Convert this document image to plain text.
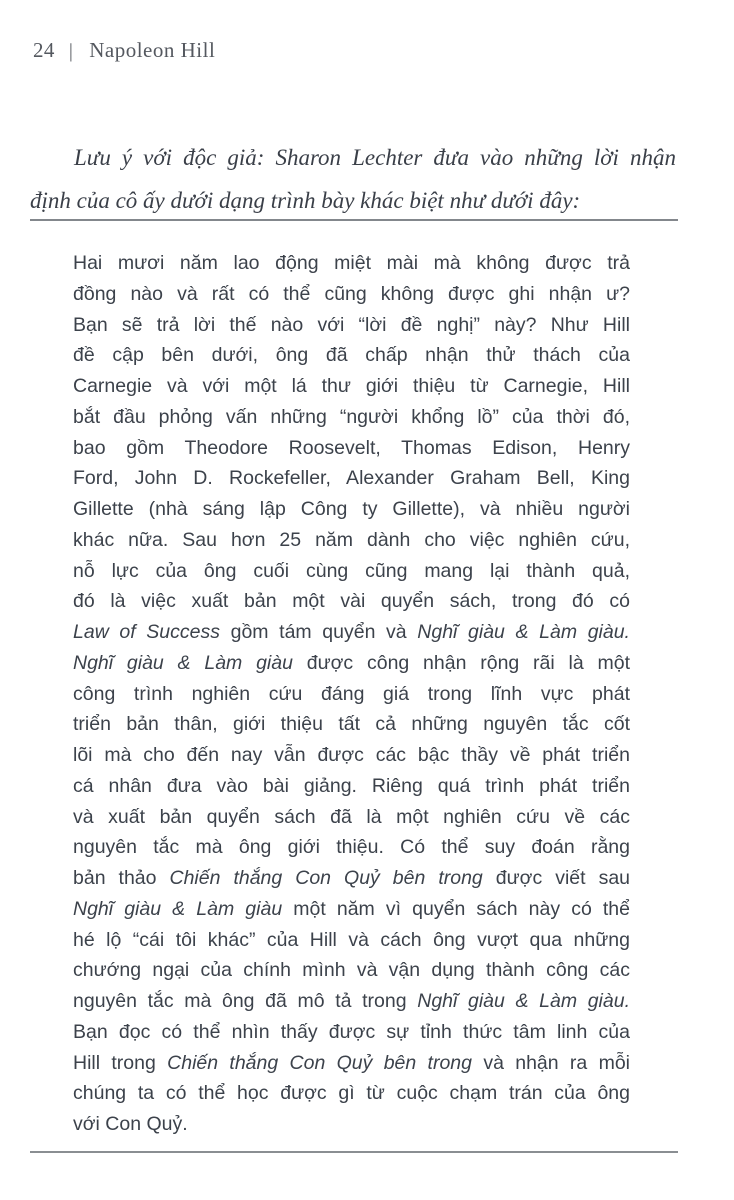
24 | Napoleon Hill
Lưu ý với độc giả: Sharon Lechter đưa vào những lời nhận
định của cô ấy dưới dạng trình bày khác biệt như dưới đây:
Hai mươi năm lao động miệt mài mà không được trả
đồng nào và rất có thể cũng không được ghi nhận ư?
Bạn sẽ trả lời thế nào với “lời đề nghị” này? Như Hill
đề cập bên dưới, ông đã chấp nhận thử thách của
Carnegie và với một lá thư giới thiệu từ Carnegie, Hill
bắt đầu phỏng vấn những “người khổng lồ” của thời đó,
bao gồm Theodore Roosevelt, Thomas Edison, Henry
Ford, John D. Rockefeller, Alexander Graham Bell, King
Gillette (nhà sáng lập Công ty Gillette), và nhiều người
khác nữa. Sau hơn 25 năm dành cho việc nghiên cứu,
nỗ lực của ông cuối cùng cũng mang lại thành quả,
đó là việc xuất bản một vài quyển sách, trong đó có
Law of Success gồm tám quyển và Nghĩ giàu & Làm giàu.
Nghĩ giàu & Làm giàu được công nhận rộng rãi là một
công trình nghiên cứu đáng giá trong lĩnh vực phát
triển bản thân, giới thiệu tất cả những nguyên tắc cốt
lõi mà cho đến nay vẫn được các bậc thầy về phát triển
cá nhân đưa vào bài giảng. Riêng quá trình phát triển
và xuất bản quyển sách đã là một nghiên cứu về các
nguyên tắc mà ông giới thiệu. Có thể suy đoán rằng
bản thảo Chiến thắng Con Quỷ bên trong được viết sau
Nghĩ giàu & Làm giàu một năm vì quyển sách này có thể
hé lộ “cái tôi khác” của Hill và cách ông vượt qua những
chướng ngại của chính mình và vận dụng thành công các
nguyên tắc mà ông đã mô tả trong Nghĩ giàu & Làm giàu.
Bạn đọc có thể nhìn thấy được sự tỉnh thức tâm linh của
Hill trong Chiến thắng Con Quỷ bên trong và nhận ra mỗi
chúng ta có thể học được gì từ cuộc chạm trán của ông
với Con Quỷ.
